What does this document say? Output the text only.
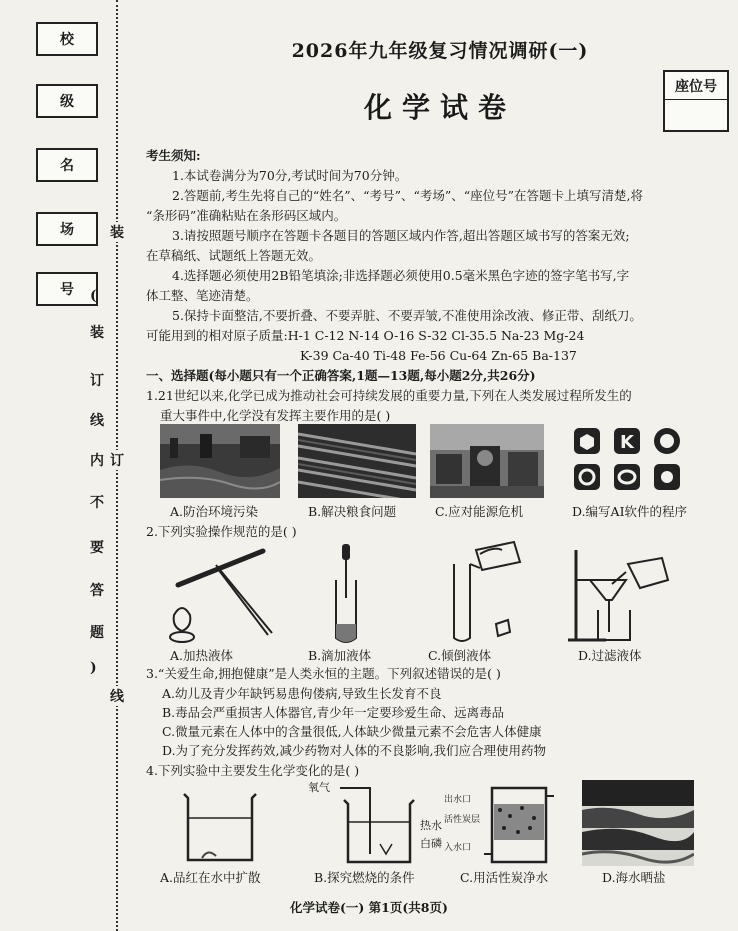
校
级
名
场
号	(
装
订
线
内
不
要
答
题
)
装
订
线
2026年九年级复习情况调研(一)
化学试卷
座位号
考生须知:
1.本试卷满分为70分,考试时间为70分钟。
2.答题前,考生先将自己的“姓名”、“考号”、“考场”、“座位号”在答题卡上填写清楚,将
“条形码”准确粘贴在条形码区域内。
3.请按照题号顺序在答题卡各题目的答题区域内作答,超出答题区域书写的答案无效;
在草稿纸、试题纸上答题无效。
4.选择题必须使用2B铅笔填涂;非选择题必须使用0.5毫米黑色字迹的签字笔书写,字
体工整、笔迹清楚。
5.保持卡面整洁,不要折叠、不要弄脏、不要弄皱,不准使用涂改液、修正带、刮纸刀。
可能用到的相对原子质量:H-1 C-12 N-14 O-16 S-32 Cl-35.5 Na-23 Mg-24
K-39 Ca-40 Ti-48 Fe-56 Cu-64 Zn-65 Ba-137
一、选择题(每小题只有一个正确答案,1题—13题,每小题2分,共26分)
1.21世纪以来,化学已成为推动社会可持续发展的重要力量,下列在人类发展过程所发生的
重大事件中,化学没有发挥主要作用的是( )
K
A.防治环境污染	B.解决粮食问题	C.应对能源危机	D.编写AI软件的程序
2.下列实验操作规范的是( )
A.加热液体	B.滴加液体	C.倾倒液体	D.过滤液体
3.“关爱生命,拥抱健康”是人类永恒的主题。下列叙述错误的是( )
A.幼儿及青少年缺钙易患佝偻病,导致生长发育不良
B.毒品会严重损害人体器官,青少年一定要珍爱生命、远离毒品
C.微量元素在人体中的含量很低,人体缺少微量元素不会危害人体健康
D.为了充分发挥药效,减少药物对人体的不良影响,我们应合理使用药物
4.下列实验中主要发生化学变化的是( )
氧气
热水
白磷
出水口
活性炭层
入水口
A.品红在水中扩散	B.探究燃烧的条件	C.用活性炭净水	D.海水晒盐
化学试卷(一) 第1页(共8页)
